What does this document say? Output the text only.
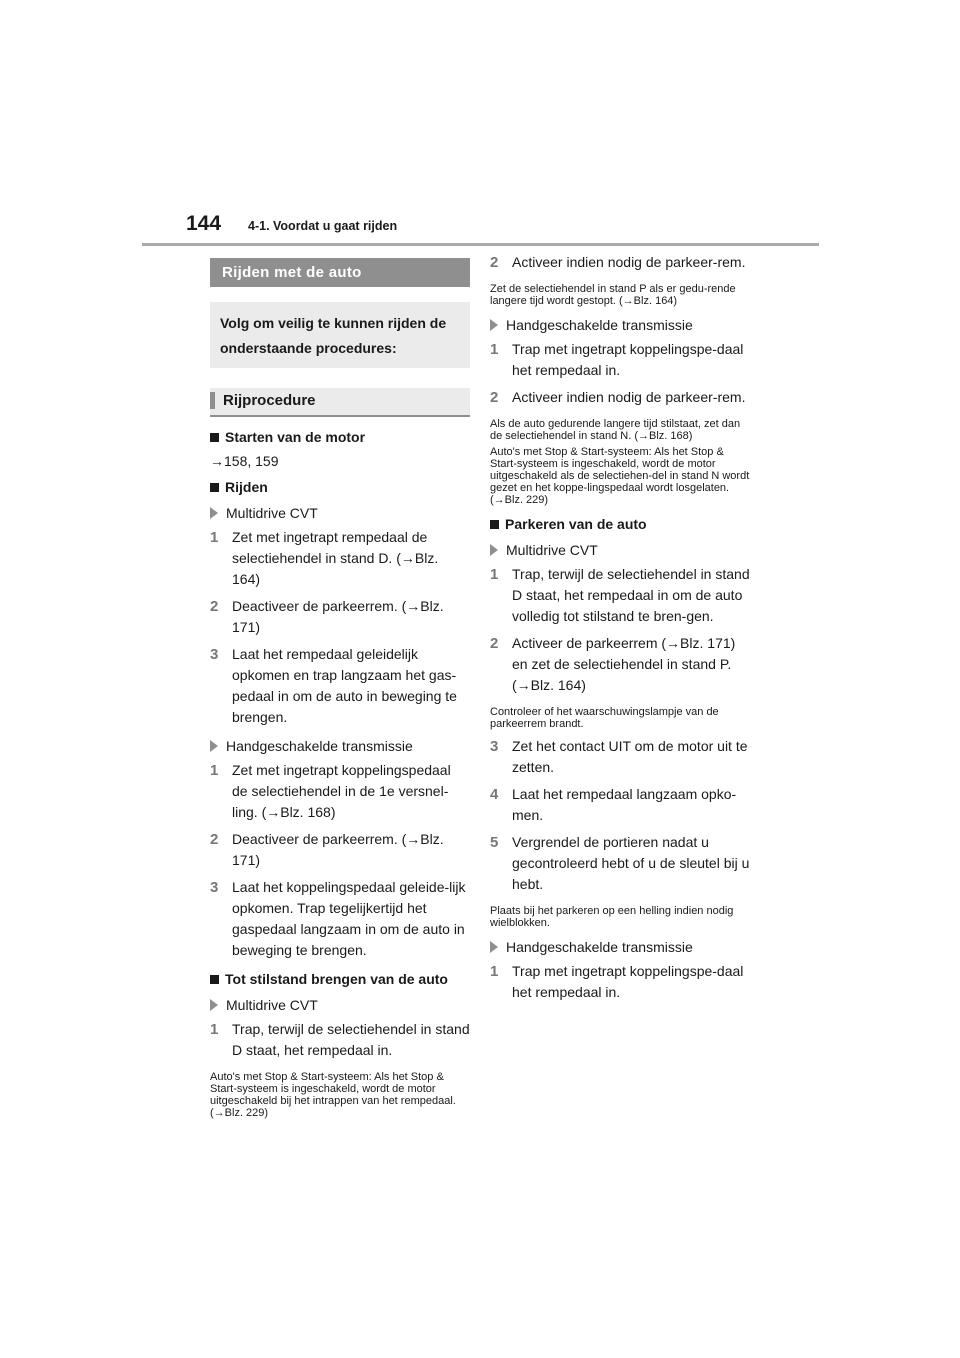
144 4-1. Voordat u gaat rijden
Rijden met de auto
Volg om veilig te kunnen rijden de onderstaande procedures:
Rijprocedure
Starten van de motor
→158, 159
Rijden
Multidrive CVT
1 Zet met ingetrapt rempedaal de selectiehendel in stand D. (→Blz. 164)
2 Deactiveer de parkeerrem. (→Blz. 171)
3 Laat het rempedaal geleidelijk opkomen en trap langzaam het gas-pedaal in om de auto in beweging te brengen.
Handgeschakelde transmissie
1 Zet met ingetrapt koppelingspedaal de selectiehendel in de 1e versnel-ling. (→Blz. 168)
2 Deactiveer de parkeerrem. (→Blz. 171)
3 Laat het koppelingspedaal geleide-lijk opkomen. Trap tegelijkertijd het gaspedaal langzaam in om de auto in beweging te brengen.
Tot stilstand brengen van de auto
Multidrive CVT
1 Trap, terwijl de selectiehendel in stand D staat, het rempedaal in.
Auto's met Stop & Start-systeem: Als het Stop & Start-systeem is ingeschakeld, wordt de motor uitgeschakeld bij het intrappen van het rempedaal. (→Blz. 229)
2 Activeer indien nodig de parkeer-rem.
Zet de selectiehendel in stand P als er gedu-rende langere tijd wordt gestopt. (→Blz. 164)
Handgeschakelde transmissie
1 Trap met ingetrapt koppelingspe-daal het rempedaal in.
2 Activeer indien nodig de parkeer-rem.
Als de auto gedurende langere tijd stilstaat, zet dan de selectiehendel in stand N. (→Blz. 168)
Auto's met Stop & Start-systeem: Als het Stop & Start-systeem is ingeschakeld, wordt de motor uitgeschakeld als de selectiehen-del in stand N wordt gezet en het koppe-lingspedaal wordt losgelaten. (→Blz. 229)
Parkeren van de auto
Multidrive CVT
1 Trap, terwijl de selectiehendel in stand D staat, het rempedaal in om de auto volledig tot stilstand te bren-gen.
2 Activeer de parkeerrem (→Blz. 171) en zet de selectiehendel in stand P. (→Blz. 164)
Controleer of het waarschuwingslampje van de parkeerrem brandt.
3 Zet het contact UIT om de motor uit te zetten.
4 Laat het rempedaal langzaam opko-men.
5 Vergrendel de portieren nadat u gecontroleerd hebt of u de sleutel bij u hebt.
Plaats bij het parkeren op een helling indien nodig wielblokken.
Handgeschakelde transmissie
1 Trap met ingetrapt koppelingspe-daal het rempedaal in.
